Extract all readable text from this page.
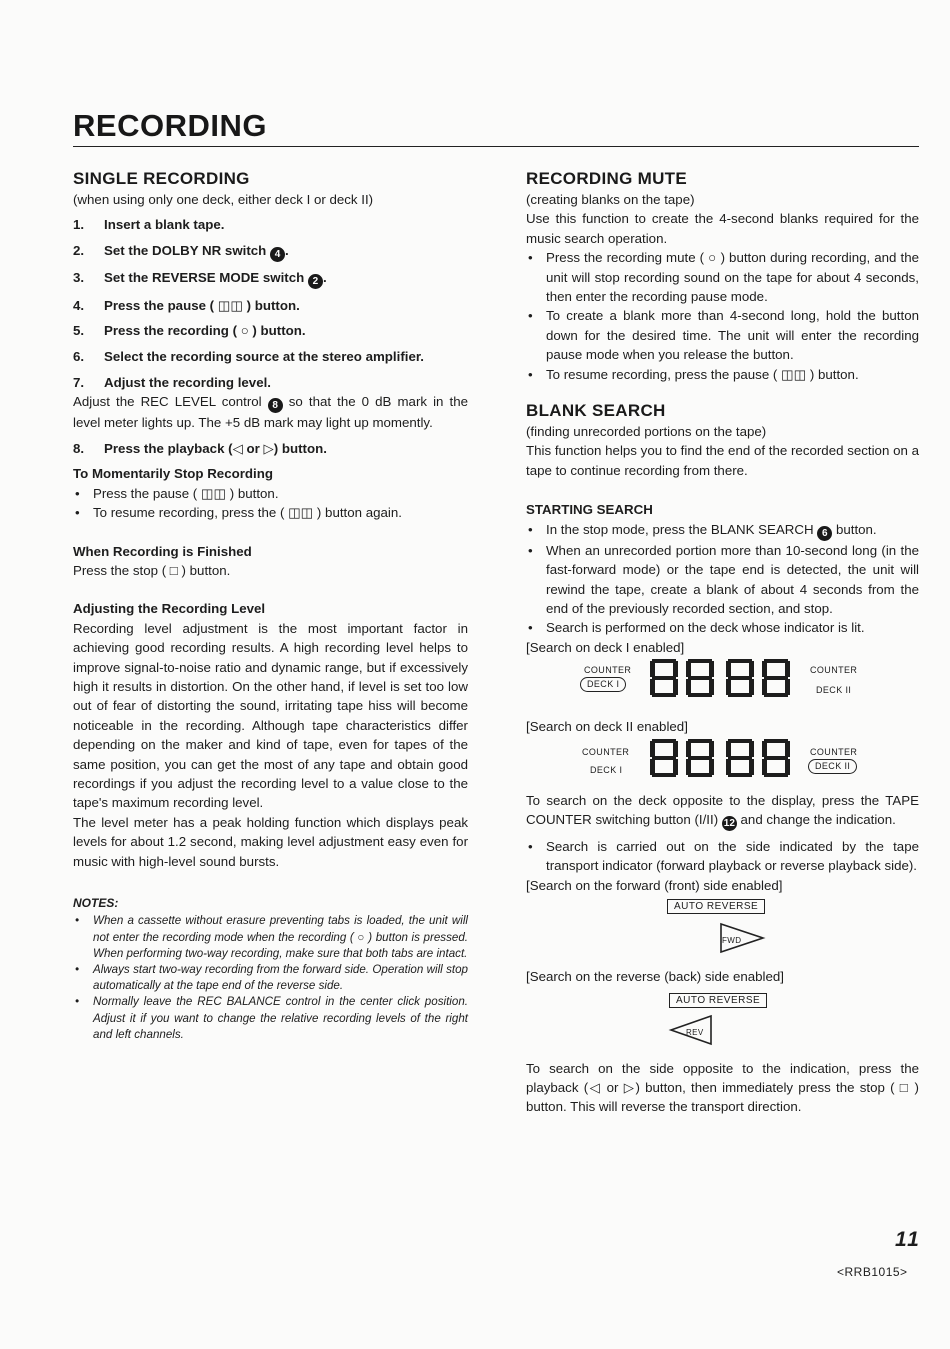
RECORDING
SINGLE RECORDING

(when using only one deck, either deck I or deck II)

1.	Insert a blank tape.
2.	Set the DOLBY NR switch 4 .
3.	Set the REVERSE MODE switch 2 .
4.	Press the pause ( ◫◫ ) button.
5.	Press the recording ( ○ ) button.
6.	Select the recording source at the stereo amplifier.
7.	Adjust the recording level.

Adjust the REC LEVEL control 8 so that the 0 dB mark in the level meter lights up. The +5 dB mark may light up momently.

8.	Press the playback (◁ or ▷) button.
To Momentarily Stop Recording
• Press the pause ( ◫◫ ) button.
• To resume recording, press the ( ◫◫ ) button again.
When Recording is Finished

Press the stop ( □ ) button.

Adjusting the Recording Level

Recording level adjustment is the most important factor in achieving good recording results. A high recording level helps to improve signal-to-noise ratio and dynamic range, but if excessively high it results in distortion. On the other hand, if level is set too low out of fear of distorting the sound, irritating tape hiss will become noticeable in the recording. Although tape characteristics differ depending on the maker and kind of tape, even for tapes of the same position, you can get the most of any tape and obtain good recordings if you adjust the recording level to a value close to the tape's maximum recording level.

The level meter has a peak holding function which displays peak levels for about 1.2 second, making level adjustment easy even for music with high-level sound bursts.

NOTES:
• When a cassette without erasure preventing tabs is loaded, the unit will not enter the recording mode when the recording ( ○ ) button is pressed. When performing two-way recording, make sure that both tabs are intact.
• Always start two-way recording from the forward side. Operation will stop automatically at the tape end of the reverse side.
• Normally leave the REC BALANCE control in the center click position. Adjust it if you want to change the relative recording levels of the right and left channels.
RECORDING MUTE

(creating blanks on the tape)

Use this function to create the 4-second blanks required for the music search operation.

• Press the recording mute ( ○ ) button during recording, and the unit will stop recording sound on the tape for about 4 seconds, then enter the recording pause mode.
• To create a blank more than 4-second long, hold the button down for the desired time. The unit will enter the recording pause mode when you release the button.
• To resume recording, press the pause ( ◫◫ ) button.
BLANK SEARCH

(finding unrecorded portions on the tape)

This function helps you to find the end of the recorded section on a tape to continue recording from there.

STARTING SEARCH
• In the stop mode, press the BLANK SEARCH 6 button.
• When an unrecorded portion more than 10-second long (in the fast-forward mode) or the tape end is detected, the unit will rewind the tape, create a blank of about 4 seconds from the end of the previously recorded section, and stop.
• Search is performed on the deck whose indicator is lit.

[Search on deck I enabled]

COUNTER
DECK I
COUNTER
DECK II

[Search on deck II enabled]

COUNTER
DECK I
COUNTER
DECK II

To search on the deck opposite to the display, press the TAPE COUNTER switching button (I/II) 12 and change the indication.

• Search is carried out on the side indicated by the tape transport indicator (forward playback or reverse playback side).

[Search on the forward (front) side enabled]

AUTO REVERSE
FWD

[Search on the reverse (back) side enabled]

AUTO REVERSE
REV

To search on the side opposite to the indication, press the playback (◁ or ▷) button, then immediately press the stop ( □ ) button. This will reverse the transport direction.

11
<RRB1015>
